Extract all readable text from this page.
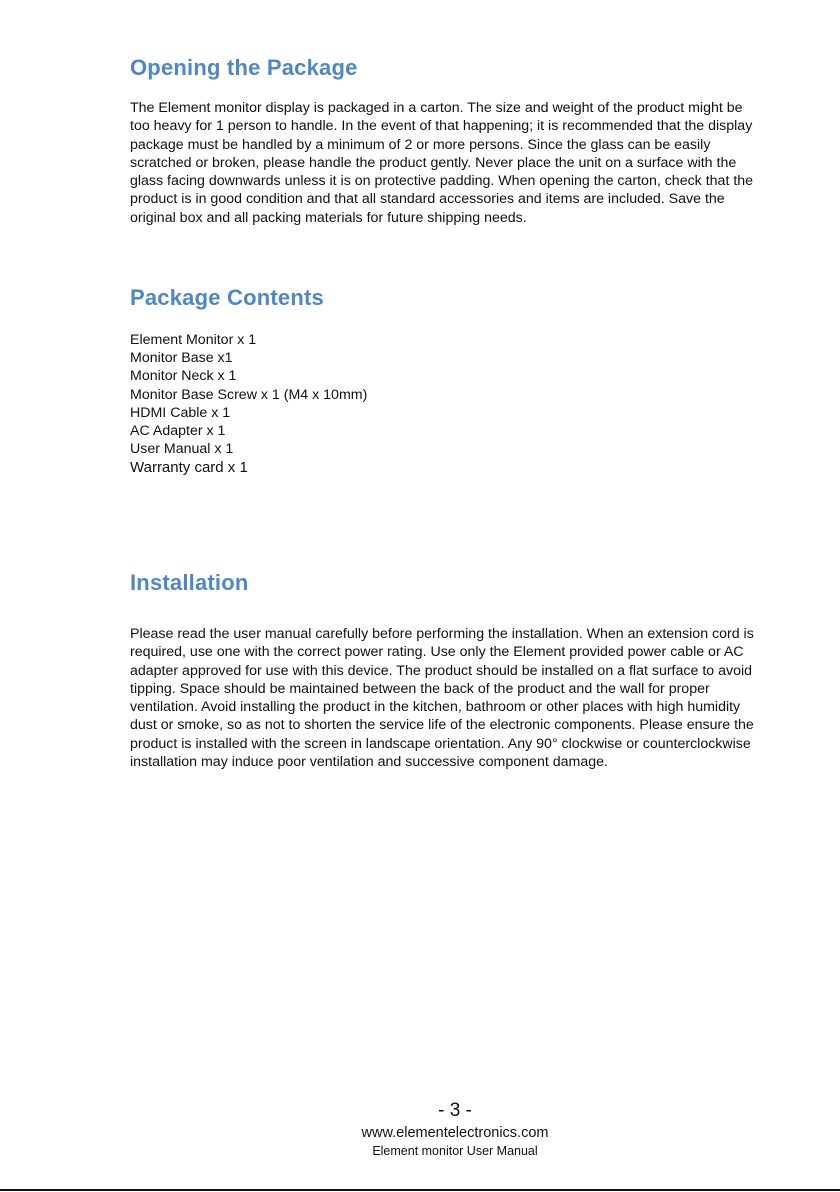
Opening the Package

The Element monitor display is packaged in a carton. The size and weight of the product might be too heavy for 1 person to handle. In the event of that happening; it is recommended that the display package must be handled by a minimum of 2 or more persons. Since the glass can be easily scratched or broken, please handle the product gently. Never place the unit on a surface with the glass facing downwards unless it is on protective padding. When opening the carton, check that the product is in good condition and that all standard accessories and items are included. Save the original box and all packing materials for future shipping needs.

Package Contents
Element Monitor x 1
Monitor Base x1
Monitor Neck x 1
Monitor Base Screw x 1 (M4 x 10mm)
HDMI Cable x 1
AC Adapter x 1
User Manual x 1
Warranty card x 1
Installation

Please read the user manual carefully before performing the installation. When an extension cord is required, use one with the correct power rating. Use only the Element provided power cable or AC adapter approved for use with this device. The product should be installed on a flat surface to avoid tipping. Space should be maintained between the back of the product and the wall for proper ventilation. Avoid installing the product in the kitchen, bathroom or other places with high humidity dust or smoke, so as not to shorten the service life of the electronic components. Please ensure the product is installed with the screen in landscape orientation. Any 90° clockwise or counterclockwise installation may induce poor ventilation and successive component damage.

- 3 -
www.elementelectronics.com
Element monitor User Manual
